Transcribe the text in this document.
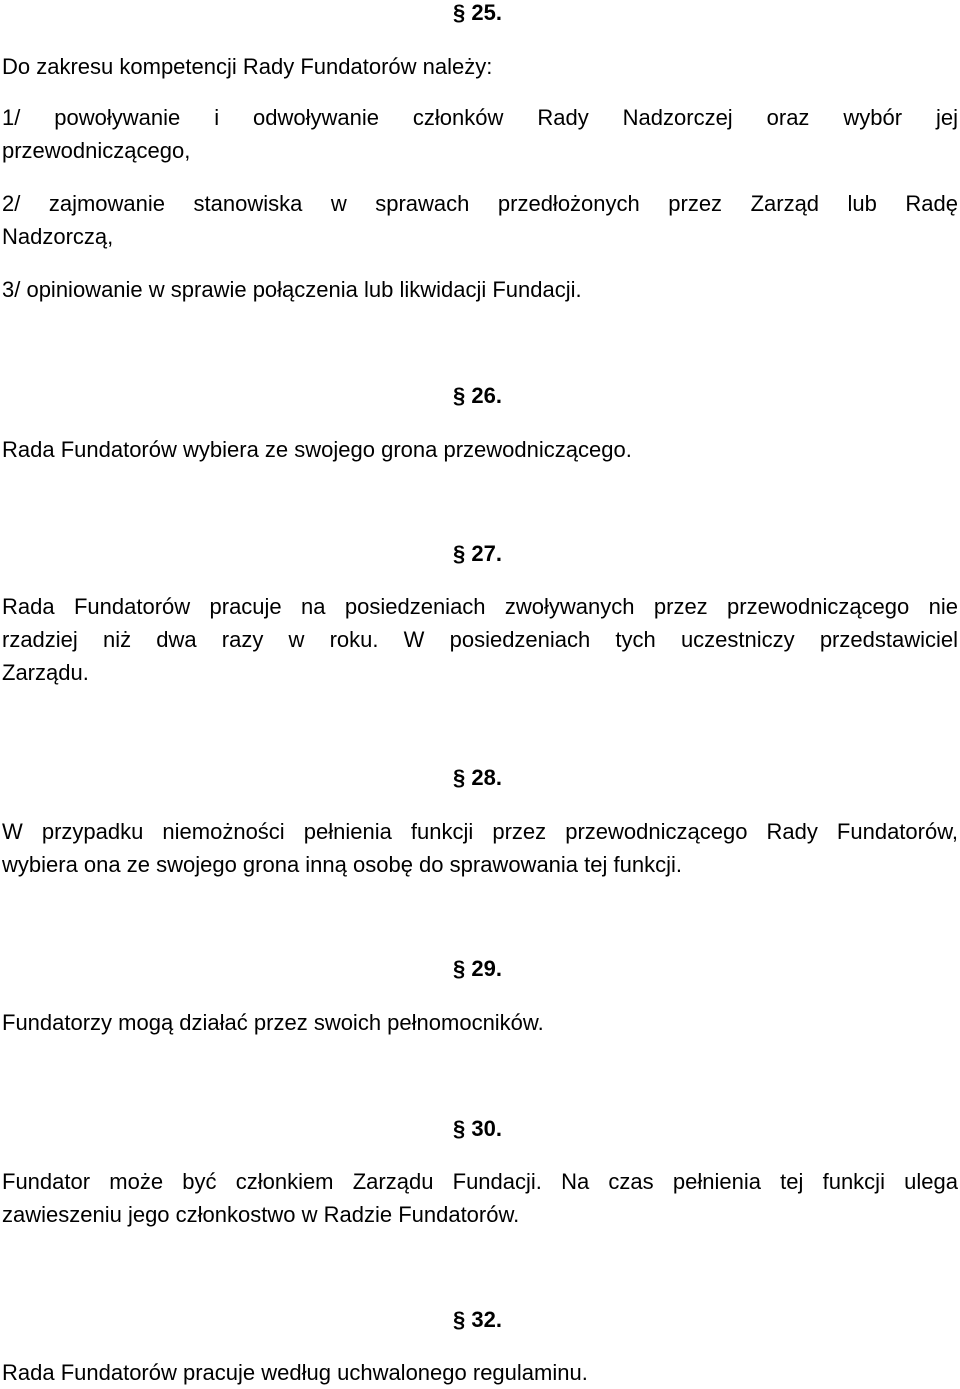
§ 25.

Do zakresu kompetencji Rady Fundatorów należy:

1/ powoływanie i odwoływanie członków Rady Nadzorczej oraz wybór jej
przewodniczącego,

2/ zajmowanie stanowiska w sprawach przedłożonych przez Zarząd lub Radę
Nadzorczą,

3/ opiniowanie w sprawie połączenia lub likwidacji Fundacji.

§ 26.

Rada Fundatorów wybiera ze swojego grona przewodniczącego.

§ 27.

Rada Fundatorów pracuje na posiedzeniach zwoływanych przez przewodniczącego nie
rzadziej niż dwa razy w roku. W posiedzeniach tych uczestniczy przedstawiciel
Zarządu.

§ 28.

W przypadku niemożności pełnienia funkcji przez przewodniczącego Rady Fundatorów,
wybiera ona ze swojego grona inną osobę do sprawowania tej funkcji.

§ 29.

Fundatorzy mogą działać przez swoich pełnomocników.

§ 30.

Fundator może być członkiem Zarządu Fundacji. Na czas pełnienia tej funkcji ulega
zawieszeniu jego członkostwo w Radzie Fundatorów.

§ 32.

Rada Fundatorów pracuje według uchwalonego regulaminu.
